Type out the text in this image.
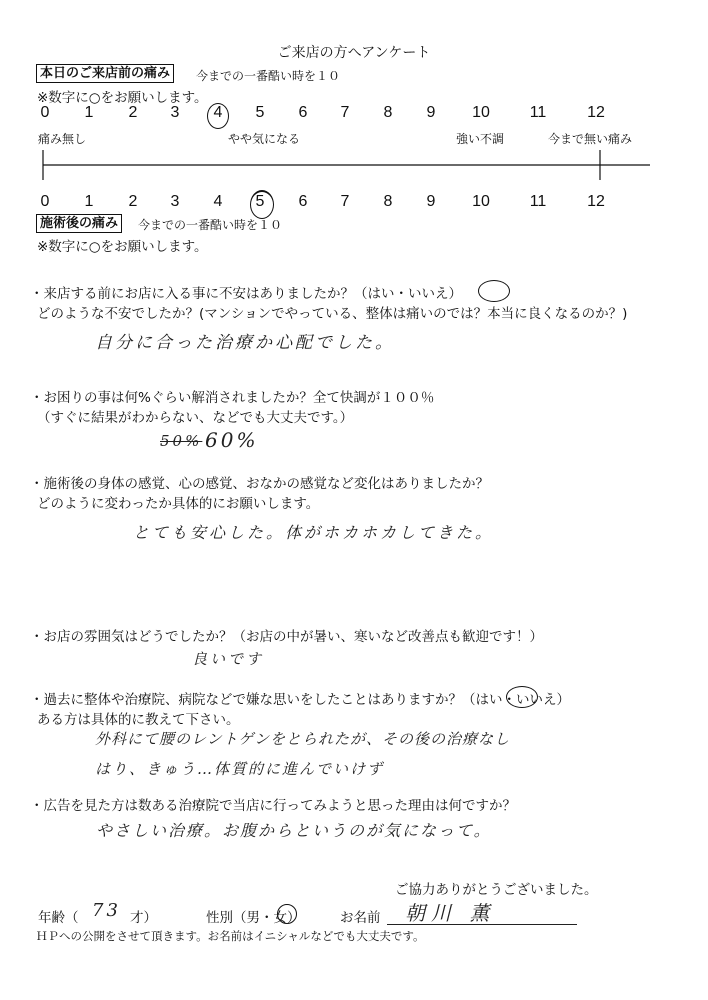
ご来店の方へアンケート
本日のご来店前の痛み	今までの一番酷い時を１０
※数字に○をお願いします。
0 1 2 3 4 5 6 7 8 9 10 11	12
痛み無し	やや気になる	強い不調	今まで無い痛み
0 1 2 3 4 5 6 7 8 9 10 11	12
施術後の痛み	今までの一番酷い時を１０
※数字に○をお願いします。
・来店する前にお店に入る事に不安はありましたか？（はい・いいえ）
どのような不安でしたか？(マンションでやっている、整体は痛いのでは？本当に良くなるのか？)
自分に合った治療か心配でした。
・お困りの事は何%ぐらい解消されましたか？全て快調が１００％
（すぐに結果がわからない、などでも大丈夫です。）
50% 60%
・施術後の身体の感覚、心の感覚、おなかの感覚など変化はありましたか？
どのように変わったか具体的にお願いします。
とても安心した。体がホカホカしてきた。
・お店の雰囲気はどうでしたか？（お店の中が暑い、寒いなど改善点も歓迎です！）
良いです
・過去に整体や治療院、病院などで嫌な思いをしたことはありますか？（はい・いいえ）
ある方は具体的に教えて下さい。
外科にて腰のレントゲンをとられたが、その後の治療なし
はり、きゅう…体質的に進んでいけず
・広告を見た方は数ある治療院で当店に行ってみようと思った理由は何ですか？
やさしい治療。お腹からというのが気になって。
ご協力ありがとうございました。
年齢（ 73 才）	性別（男・女）	お名前 朝川 薫
ＨＰへの公開をさせて頂きます。お名前はイニシャルなどでも大丈夫です。
